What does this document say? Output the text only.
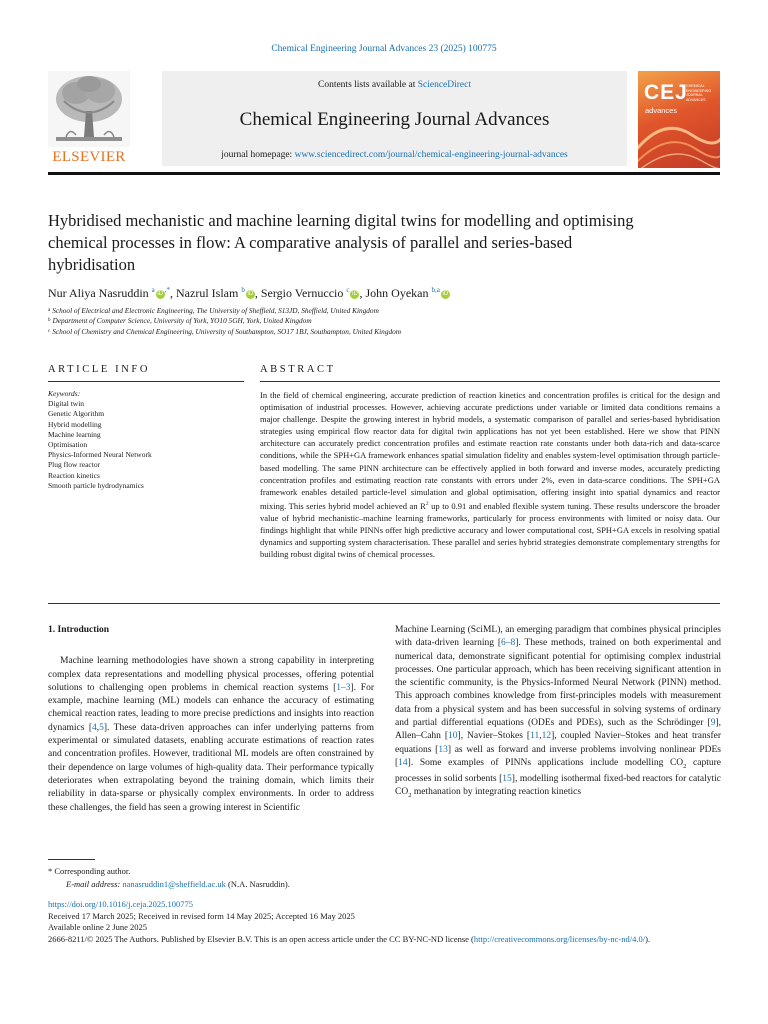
Chemical Engineering Journal Advances 23 (2025) 100775
ELSEVIER
Contents lists available at ScienceDirect
Chemical Engineering Journal Advances
journal homepage: www.sciencedirect.com/journal/chemical-engineering-journal-advances
CEJ
CHEMICAL ENGINEERING JOURNAL ADVANCES
advances
Hybridised mechanistic and machine learning digital twins for modelling and optimising chemical processes in flow: A comparative analysis of parallel and series-based hybridisation
Nur Aliya Nasruddin $^a$ iD ,*, Nazrul Islam $^b$ iD , Sergio Vernuccio $^c$ iD , John Oyekan $^{b,a}$ iD
$^a$ School of Electrical and Electronic Engineering, The University of Sheffield, S13JD, Sheffield, United Kingdom
$^b$ Department of Computer Science, University of York, YO10 5GH, York, United Kingdom
$^c$ School of Chemistry and Chemical Engineering, University of Southampton, SO17 1BJ, Southampton, United Kingdom
ARTICLE INFO	ABSTRACT
Keywords:
Digital twin
Genetic Algorithm
Hybrid modelling
Machine learning
Optimisation
Physics-Informed Neural Network
Plug flow reactor
Reaction kinetics
Smooth particle hydrodynamics
In the field of chemical engineering, accurate prediction of reaction kinetics and concentration profiles is critical for the design and optimisation of industrial processes. However, achieving accurate predictions under variable or limited data conditions remains a major challenge. Despite the growing interest in hybrid models, a systematic comparison of parallel and series-based hybridisation strategies using empirical flow reactor data for digital twin applications has not yet been established. Here we show that PINN architecture can accurately predict concentration profiles and estimate reaction rate constants under both data-rich and data-scarce conditions, while the SPH+GA framework enhances spatial simulation fidelity and enables system-level optimisation through particle-based modelling. The same PINN architecture can be effectively applied in both forward and inverse modes, accurately predicting concentration profiles and estimating reaction rate constants with errors under 2%, even in data-scarce conditions. The SPH+GA framework enables detailed particle-level simulation and global optimisation, offering insight into spatial dynamics and reactor mixing. This series hybrid model achieved an $R^2$ up to 0.91 and enabled flexible system tuning. These results underscore the broader value of hybrid mechanistic–machine learning frameworks, particularly for process environments with limited or noisy data. Our findings highlight that while PINNs offer high predictive accuracy and lower computational cost, SPH+GA excels in resolving spatial dynamics and supporting system characterisation. These parallel and series hybrid strategies demonstrate complementary strengths for building robust digital twins of chemical processes.
1. Introduction

Machine learning methodologies have shown a strong capability in interpreting complex data representations and modelling physical processes, offering potential solutions to challenging open problems in chemical reaction systems [1–3]. For example, machine learning (ML) models can enhance the accuracy of estimating chemical reaction rates, leading to more precise predictions and insights into reaction dynamics [4,5]. These data-driven approaches can infer underlying patterns from experimental or simulated datasets, enabling accurate estimations of reaction rates and concentration profiles. However, traditional ML models are often constrained by their dependence on large volumes of high-quality data. Their performance typically deteriorates when extrapolating beyond the training domain, which limits their reliability in data-sparse or physically complex environments. In order to address these challenges, the field has seen a growing interest in Scientific

Machine Learning (SciML), an emerging paradigm that combines physical principles with data-driven learning [6–8]. These methods, trained on both experimental and numerical data, demonstrate significant potential for optimising complex industrial processes. One particular approach, which has been receiving significant attention in the scientific community, is the Physics-Informed Neural Network (PINN) method. This approach combines knowledge from first-principles models with measurement data from a physical system and has been successful in solving systems of ordinary and partial differential equations (ODEs and PDEs), such as the Schrödinger [9], Allen–Cahn [10], Navier–Stokes [11,12], coupled Navier–Stokes and heat transfer equations [13] as well as forward and inverse problems involving nonlinear PDEs [14]. Some examples of PINNs applications include modelling $CO_2$ capture processes in solid sorbents [15], modelling isothermal fixed-bed reactors for catalytic $CO_2$ methanation by integrating reaction kinetics

* Corresponding author.
E-mail address: nanasruddin1@sheffield.ac.uk (N.A. Nasruddin).
https://doi.org/10.1016/j.ceja.2025.100775
Received 17 March 2025; Received in revised form 14 May 2025; Accepted 16 May 2025
Available online 2 June 2025
2666-8211/© 2025 The Authors. Published by Elsevier B.V. This is an open access article under the CC BY-NC-ND license (http://creativecommons.org/licenses/by-nc-nd/4.0/).
